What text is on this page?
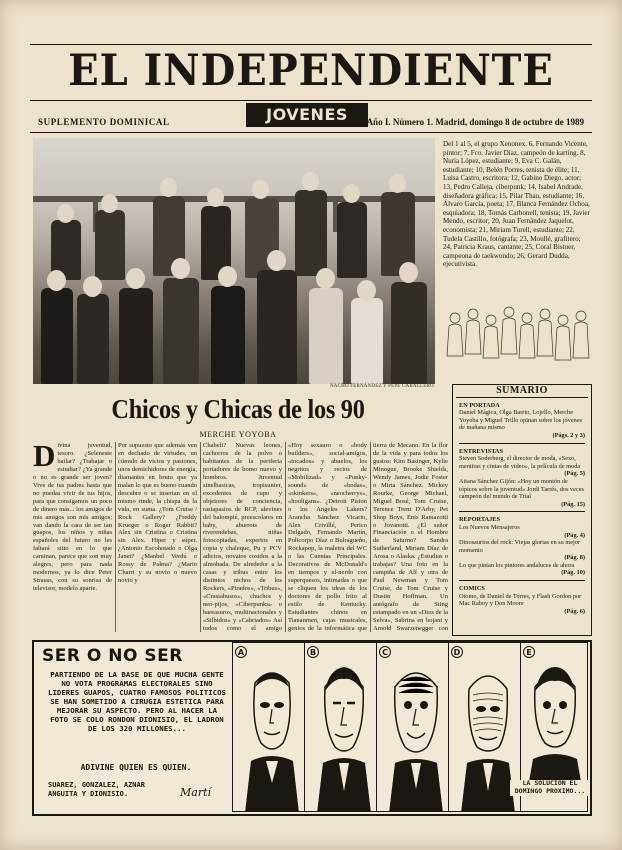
EL INDEPENDIENTE
JOVENES
SUPLEMENTO DOMINICAL	Año I. Número 1. Madrid, domingo 8 de octubre de 1989
NACHO FERNÁNDEZ Y PEPE CABALLERO
Del 1 al 5, el grupo Xenonex. 6, Fernando Vicente, pintor; 7, Fco. Javier Díaz, campeón de karting. 8, Nuria López, estudiante; 9, Eva C. Galán, estudiante; 10, Belén Porres, tenista de élite; 11, Luisa Castro, escritora; 12, Gabino Diego, actor; 13, Pedro Calleja, ciberpunk; 14, Isabel Andrade, diseñadora gráfica; 15, Pilar Thau, estudiante; 16, Álvaro García, poeta; 17, Blanca Fernández Ochoa, esquiadora; 18, Tomás Carbonell, tenista; 19, Javier Mendo, escritor; 20, Juan Fernández Jaquelot, economista; 21, Miriam Turell, estudiante; 22, Tudela Castillo, fotógrafa; 23, Moullé, grafitero; 24, Patricia Kraus, cantante; 25, Coral Bistuer, campeona de taekwondo; 26, Gerard Dudda, ejecutivista.
Chicos y Chicas de los 90
MERCHE YOYOBA
Divina juventud, tesoro. ¿Seleneste bailar? ¿Trabajar o estudiar? ¿Ya grande o no es grande ser joven? Vive de tus padres hasta que no puedas vivir de tus hijos, para que consigamos un poco de dinero más... los amigos de mis amigos son mis amigos; van dando la cara de ser tan guapos, los niños y niñas españoles del futuro no les faltará sitio en lo que caminan, parece que son muy alegres, pero para nada modernos, ya lo dice Peter Strauss, con su sonrisa de televisor, modelo aparte.
Por supuesto que además ven en dechado de virtudes, un cúmulo de vicios y pasiones, unos demichidores de energía, diamantes en bruto que ya malan lo que es bueno cuando descubre o se insertan en el mismo rinde, la chispa de la vida, en suma. ¿Tom Cruise / Rock Gallery? ¿Freddy Krueger o Roger Rabbit? Alex sin Cristina o Cristina sin Alex. Hiper y súper. ¿Antonio Escohotado o Olga Janet? ¿Manbel Verdú o Rossy de Palma? ¿Mario Charri y su novio o nuevo novio y
Chabeli? Nuevas leones, cachorros de la polvo o habitantes de la periferia portadores de bomo nuevo y hombros. Juventud sinelbasicas, tropisunier, excedentes de cupo y objetores de conciencia, rastapasios de RCP, alevines del balompié, preescolares en baby, aburrots de riverendebas, niñas fotocopiadas, expertos en copia y chaleque, Pu y PCV adictos, novatos cosidos a la almohada. De alrededor a la casas y tribus entre los distintos nichos de los Rockers, «Pirados», «Tribus», «Crasiabusos», chuchos y neo-pijos, «Ciberpunks» o bareasuros, multinacionales y «Silbidos» y «Cabriados» Así todos como el amigo
«Hoy sexauro o «body builders», social-amigos, «tocados» y abuelos, los negritos y recios de «Mobilizad» y «Punky-sound» de «bodas», «skinkers», «neocherrys», «hooligans». ¿Detroit Piston o los Angeles Lakers? Arancha Sánchez Vicario, Alex Crivillé, Perico Delgado, Fernando Martín, Policorpo Díaz o Bulragueño, Rockapop, la maletra del WC o las Cuentas Principales. Decorativos de McDonald's en tiempos y el-nerdo con superquesos, intimadas o que se cliquen los ideas de los doctores de pollo frito al estilo de Kentucky. Estudiantes chinos en Tiananmen, cajas musicales, genios de la informática que
tierra de Mecano. En la flor de la vida y para todos los gustos: Kim Basinger, Kylie Minogue, Brooke Shields, Wendy James, Jodie Foster o Mirta Sánchez. Mickey Rourke, George Michael, Miguel Bosé, Tom Cruise, Terence Trent D'Arby, Pet Shop Boys, Enis Ramazotti o Jovanotti. ¿El señor Financiación o el Hombre de Saturno? Sandra Sutherland, Miriam Díaz de Arosa o Alaska. ¿Estudias o trabajas? Una foto en la campiña de Alf y otra de Paul Newman y Tom Cruise, de Tom Cruise y Dustin Hoffman. Un autógrafo de Sting estampado en un «Dios de la Selva», Sabrina en bojant y Arnold Swarzenegger con
SUMARIO
EN PORTADA
Daniel Mágica, Olga Barrio, Lojello, Merche Yoyoba y Miguel Trillo opinan sobre los jóvenes de mañana mismo
(Págs. 2 y 3)
ENTREVISTAS
Steven Soderberg, el director de moda, «Sexo, mentiras y cintas de video», la película de moda
(Pág. 5)
Aitana Sánchez Gijón: «Hoy un montón de tópicos sobre la juventud» Jordi Tarrés, dos veces campeón del mundo de Trial
(Pág. 15)
REPORTAJES
Los Nuevos Mensajeros
(Pág. 4)
Dinosaurios del rock: Viejas glorias en su mejor momento
(Pág. 8)
Lo que pintan los pintores andaluces de ahora
(Pág. 10)
COMICS
Otomo, de Daniel de Torres, y Flash Gordon por Mac Raboy y Don Moore
(Pág. 6)
SER O NO SER
PARTIENDO DE LA BASE DE QUE MUCHA GENTE NO VOTA PROGRAMAS ELECTORALES SINO LIDERES GUAPOS, CUATRO FAMOSOS POLITICOS SE HAN SOMETIDO A CIRUGIA ESTETICA PARA MEJORAR SU ASPECTO. PERO AL HACER LA FOTO SE COLO RONDON DIONISIO, EL LADRON DE LOS 320 MILLONES...
ADIVINE QUIEN ES QUIEN.
SUAREZ, GONZALEZ, AZNAR ANGUITA Y DIONISIO.	Martí
A	B	C	D	E
LA SOLUCION EL DOMINGO PROXIMO...
